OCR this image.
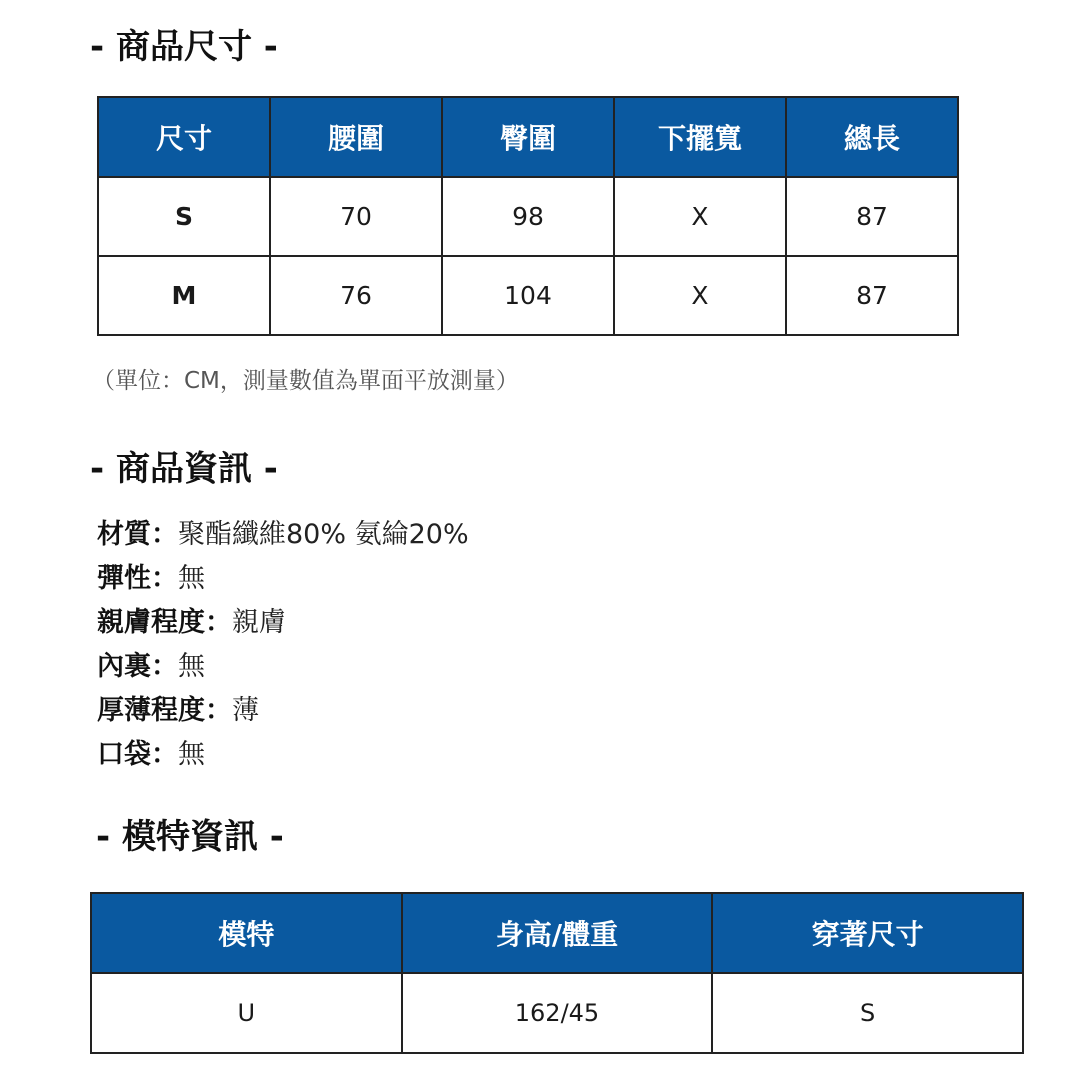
- 商品尺寸 -
尺寸	腰圍	臀圍	下擺寬	總長
S	70	98	X	87
M	76	104	X	87
（單位：CM，測量數值為單面平放測量）
- 商品資訊 -
材質：聚酯纖維80% 氨綸20%
彈性：無
親膚程度：親膚
內裏：無
厚薄程度：薄
口袋：無
- 模特資訊 -
模特	身高/體重	穿著尺寸
U	162/45	S
